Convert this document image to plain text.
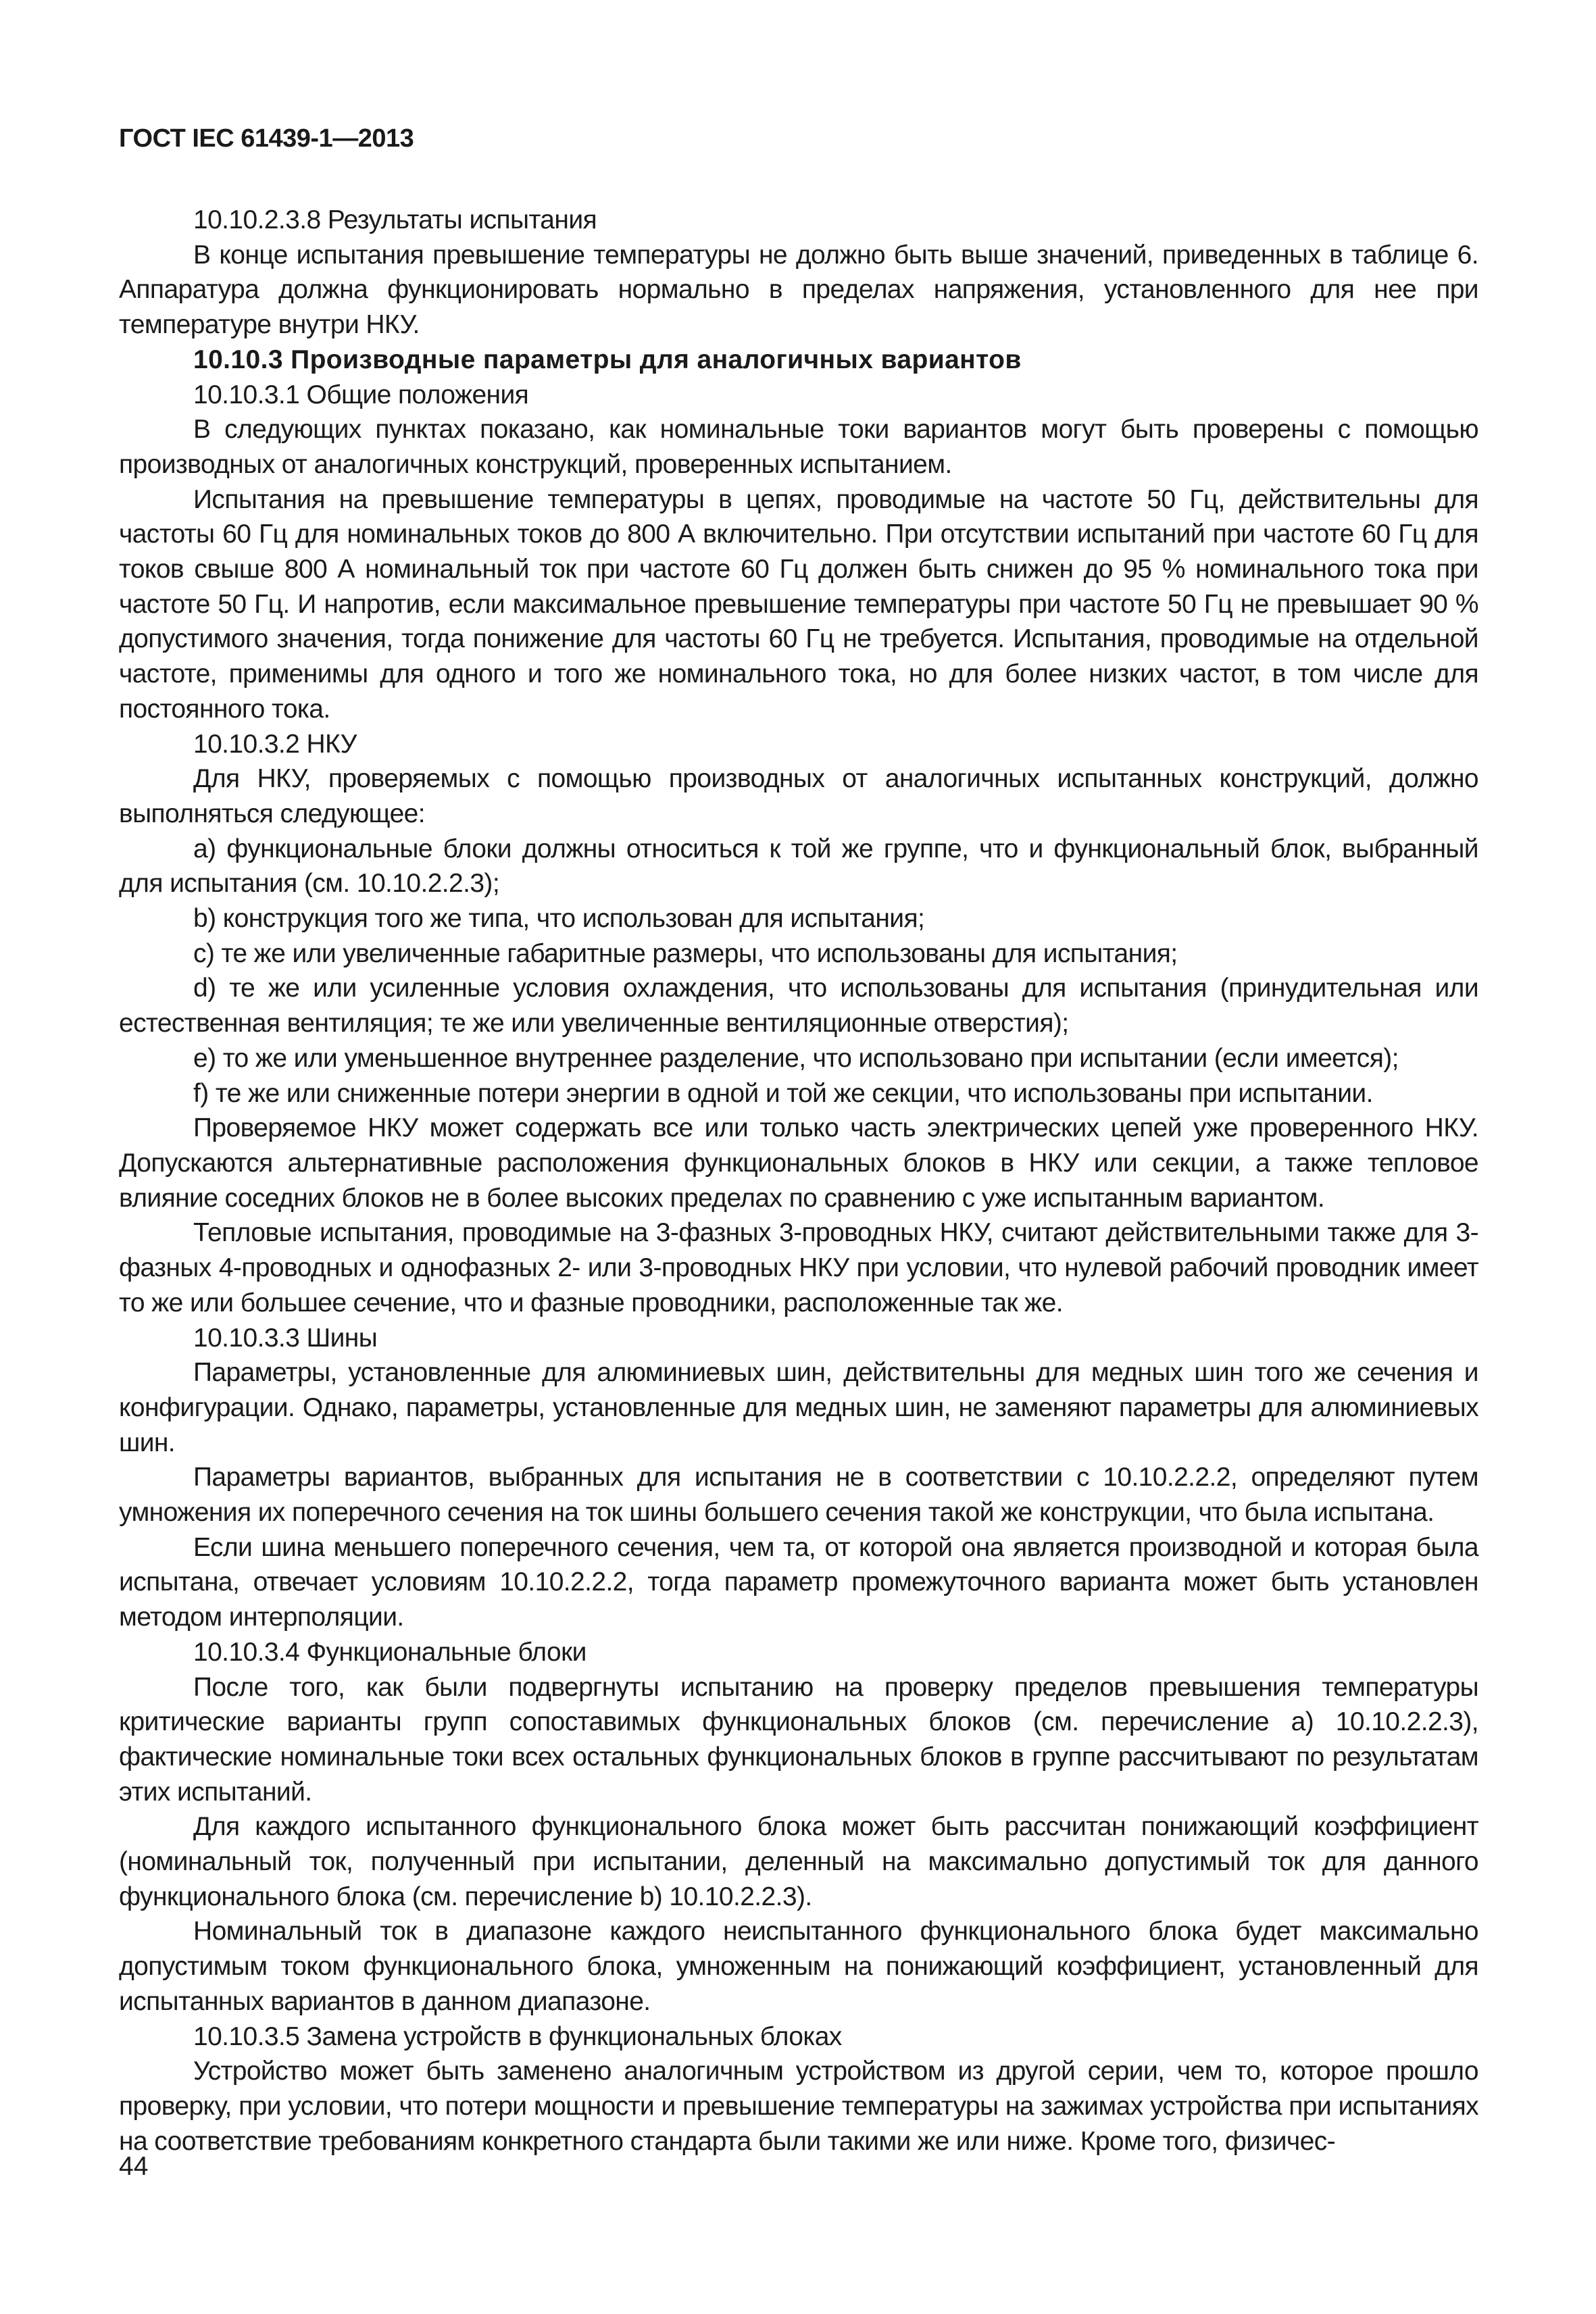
ГОСТ IEC 61439-1—2013

10.10.2.3.8 Результаты испытания

В конце испытания превышение температуры не должно быть выше значений, приведенных в таблице 6. Аппаратура должна функционировать нормально в пределах напряжения, установленного для нее при температуре внутри НКУ.

10.10.3 Производные параметры для аналогичных вариантов

10.10.3.1 Общие положения

В следующих пунктах показано, как номинальные токи вариантов могут быть проверены с помощью производных от аналогичных конструкций, проверенных испытанием.

Испытания на превышение температуры в цепях, проводимые на частоте 50 Гц, действительны для частоты 60 Гц для номинальных токов до 800 А включительно. При отсутствии испытаний при частоте 60 Гц для токов свыше 800 А номинальный ток при частоте 60 Гц должен быть снижен до 95 % номинального тока при частоте 50 Гц. И напротив, если максимальное превышение температуры при частоте 50 Гц не превышает 90 % допустимого значения, тогда понижение для частоты 60 Гц не требуется. Испытания, проводимые на отдельной частоте, применимы для одного и того же номинального тока, но для более низких частот, в том числе для постоянного тока.

10.10.3.2 НКУ

Для НКУ, проверяемых с помощью производных от аналогичных испытанных конструкций, должно выполняться следующее:

a) функциональные блоки должны относиться к той же группе, что и функциональный блок, выбранный для испытания (см. 10.10.2.2.3);

b) конструкция того же типа, что использован для испытания;

c) те же или увеличенные габаритные размеры, что использованы для испытания;

d) те же или усиленные условия охлаждения, что использованы для испытания (принудительная или естественная вентиляция; те же или увеличенные вентиляционные отверстия);

e) то же или уменьшенное внутреннее разделение, что использовано при испытании (если имеется);

f) те же или сниженные потери энергии в одной и той же секции, что использованы при испытании.

Проверяемое НКУ может содержать все или только часть электрических цепей уже проверенного НКУ. Допускаются альтернативные расположения функциональных блоков в НКУ или секции, а также тепловое влияние соседних блоков не в более высоких пределах по сравнению с уже испытанным вариантом.

Тепловые испытания, проводимые на 3-фазных 3-проводных НКУ, считают действительными также для 3-фазных 4-проводных и однофазных 2- или 3-проводных НКУ при условии, что нулевой рабочий проводник имеет то же или большее сечение, что и фазные проводники, расположенные так же.

10.10.3.3 Шины

Параметры, установленные для алюминиевых шин, действительны для медных шин того же сечения и конфигурации. Однако, параметры, установленные для медных шин, не заменяют параметры для алюминиевых шин.

Параметры вариантов, выбранных для испытания не в соответствии с 10.10.2.2.2, определяют путем умножения их поперечного сечения на ток шины большего сечения такой же конструкции, что была испытана.

Если шина меньшего поперечного сечения, чем та, от которой она является производной и которая была испытана, отвечает условиям 10.10.2.2.2, тогда параметр промежуточного варианта может быть установлен методом интерполяции.

10.10.3.4 Функциональные блоки

После того, как были подвергнуты испытанию на проверку пределов превышения температуры критические варианты групп сопоставимых функциональных блоков (см. перечисление а) 10.10.2.2.3), фактические номинальные токи всех остальных функциональных блоков в группе рассчитывают по результатам этих испытаний.

Для каждого испытанного функционального блока может быть рассчитан понижающий коэффициент (номинальный ток, полученный при испытании, деленный на максимально допустимый ток для данного функционального блока (см. перечисление b) 10.10.2.2.3).

Номинальный ток в диапазоне каждого неиспытанного функционального блока будет максимально допустимым током функционального блока, умноженным на понижающий коэффициент, установленный для испытанных вариантов в данном диапазоне.

10.10.3.5 Замена устройств в функциональных блоках

Устройство может быть заменено аналогичным устройством из другой серии, чем то, которое прошло проверку, при условии, что потери мощности и превышение температуры на зажимах устройства при испытаниях на соответствие требованиям конкретного стандарта были такими же или ниже. Кроме того, физичес-

44
